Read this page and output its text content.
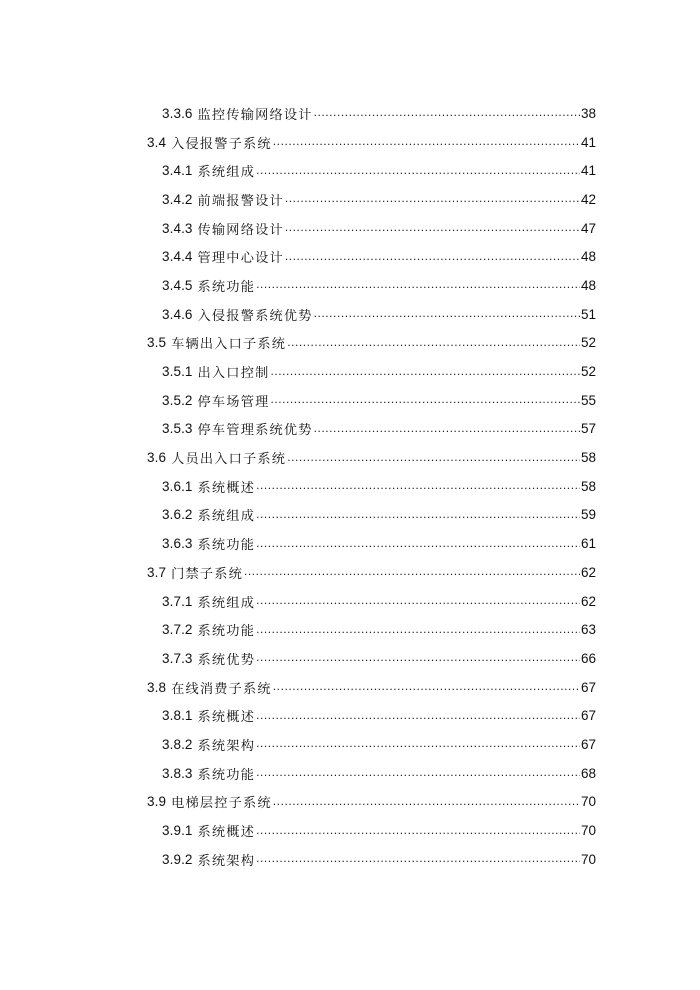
3.3.6 监控传输网络设计 .....	38
3.4 入侵报警子系统 .....	41
3.4.1 系统组成 .....	41
3.4.2 前端报警设计 .....	42
3.4.3 传输网络设计 .....	47
3.4.4 管理中心设计 .....	48
3.4.5 系统功能 .....	48
3.4.6 入侵报警系统优势 .....	51
3.5 车辆出入口子系统 .....	52
3.5.1 出入口控制 .....	52
3.5.2 停车场管理 .....	55
3.5.3 停车管理系统优势 .....	57
3.6 人员出入口子系统 .....	58
3.6.1 系统概述 .....	58
3.6.2 系统组成 .....	59
3.6.3 系统功能 .....	61
3.7 门禁子系统 .....	62
3.7.1 系统组成 .....	62
3.7.2 系统功能 .....	63
3.7.3 系统优势 .....	66
3.8 在线消费子系统 .....	67
3.8.1 系统概述 .....	67
3.8.2 系统架构 .....	67
3.8.3 系统功能 .....	68
3.9 电梯层控子系统 .....	70
3.9.1 系统概述 .....	70
3.9.2 系统架构 .....	70
